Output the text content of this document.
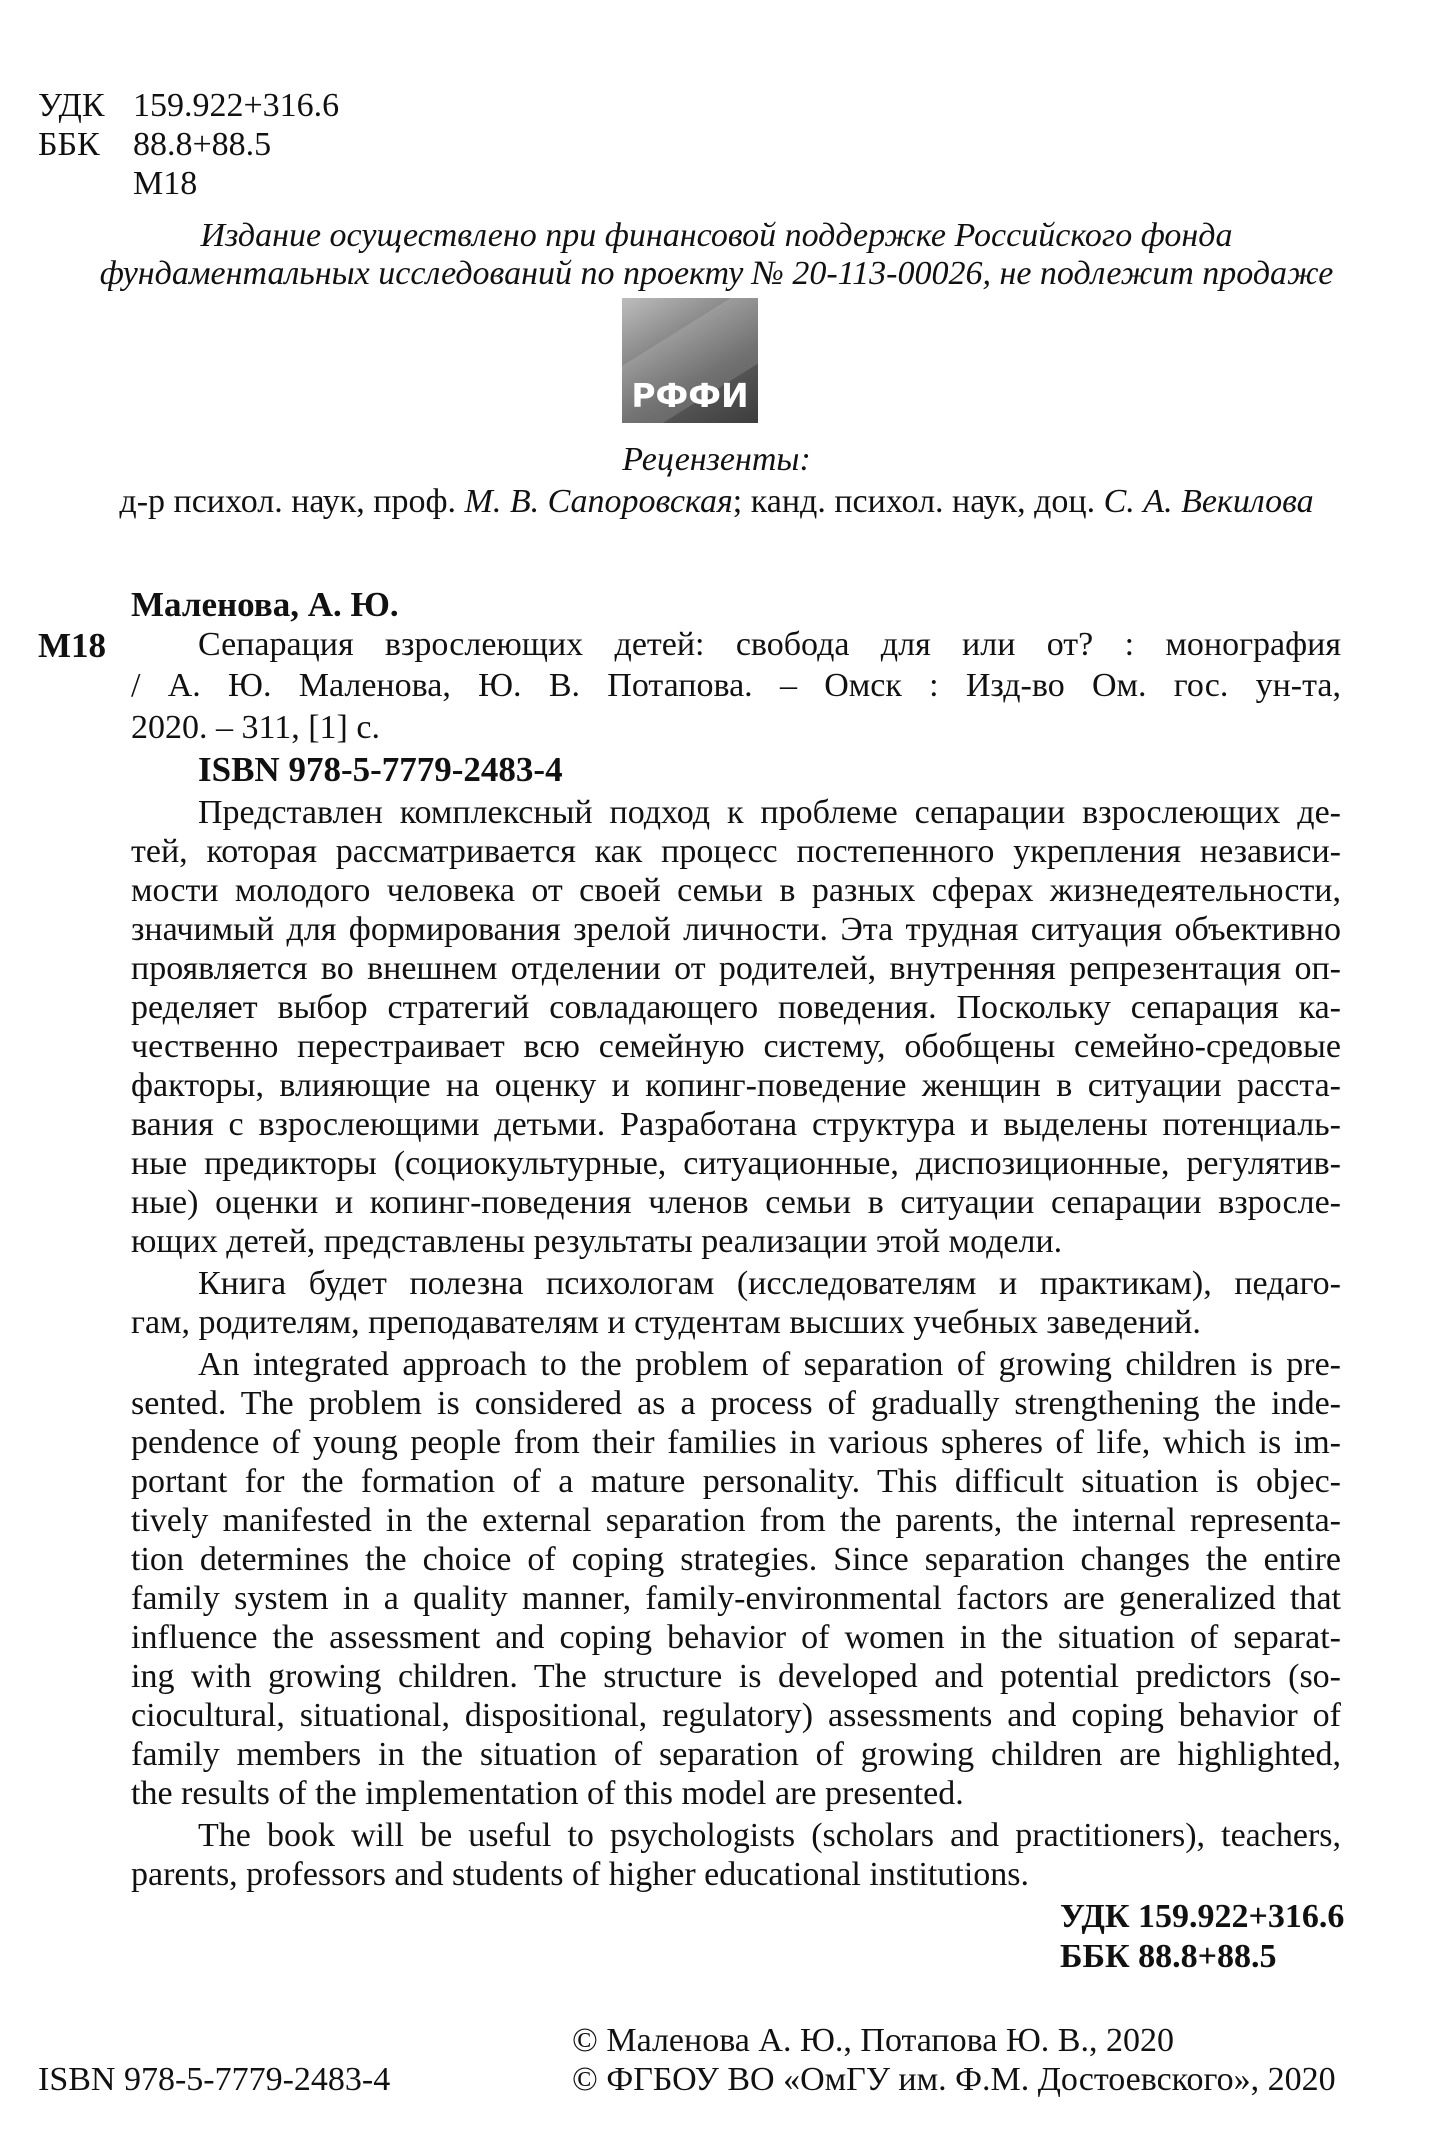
УДК 159.922+316.6
ББК 88.8+88.5
М18
Издание осуществлено при финансовой поддержке Российского фонда
фундаментальных исследований по проекту № 20-113-00026, не подлежит продаже
РФФИ
Рецензенты:
д-р психол. наук, проф. М. В. Сапоровская; канд. психол. наук, доц. С. А. Векилова
Маленова, А. Ю.
М18	Сепарация взрослеющих детей: свобода для или от? : монография
/ А. Ю. Маленова, Ю. В. Потапова. – Омск : Изд-во Ом. гос. ун-та,
2020. – 311, [1] с.
ISBN 978-5-7779-2483-4
Представлен комплексный подход к проблеме сепарации взрослеющих де-
тей, которая рассматривается как процесс постепенного укрепления независи-
мости молодого человека от своей семьи в разных сферах жизнедеятельности,
значимый для формирования зрелой личности. Эта трудная ситуация объективно
проявляется во внешнем отделении от родителей, внутренняя репрезентация оп-
ределяет выбор стратегий совладающего поведения. Поскольку сепарация ка-
чественно перестраивает всю семейную систему, обобщены семейно-средовые
факторы, влияющие на оценку и копинг-поведение женщин в ситуации расста-
вания с взрослеющими детьми. Разработана структура и выделены потенциаль-
ные предикторы (социокультурные, ситуационные, диспозиционные, регулятив-
ные) оценки и копинг-поведения членов семьи в ситуации сепарации взросле-
ющих детей, представлены результаты реализации этой модели.
Книга будет полезна психологам (исследователям и практикам), педаго-
гам, родителям, преподавателям и студентам высших учебных заведений.
An integrated approach to the problem of separation of growing children is pre-
sented. The problem is considered as a process of gradually strengthening the inde-
pendence of young people from their families in various spheres of life, which is im-
portant for the formation of a mature personality. This difficult situation is objec-
tively manifested in the external separation from the parents, the internal representa-
tion determines the choice of coping strategies. Since separation changes the entire
family system in a quality manner, family-environmental factors are generalized that
influence the assessment and coping behavior of women in the situation of separat-
ing with growing children. The structure is developed and potential predictors (so-
ciocultural, situational, dispositional, regulatory) assessments and coping behavior of
family members in the situation of separation of growing children are highlighted,
the results of the implementation of this model are presented.
The book will be useful to psychologists (scholars and practitioners), teachers,
parents, professors and students of higher educational institutions.
УДК 159.922+316.6
ББК 88.8+88.5
© Маленова А. Ю., Потапова Ю. В., 2020
ISBN 978-5-7779-2483-4	© ФГБОУ ВО «ОмГУ им. Ф.М. Достоевского», 2020
